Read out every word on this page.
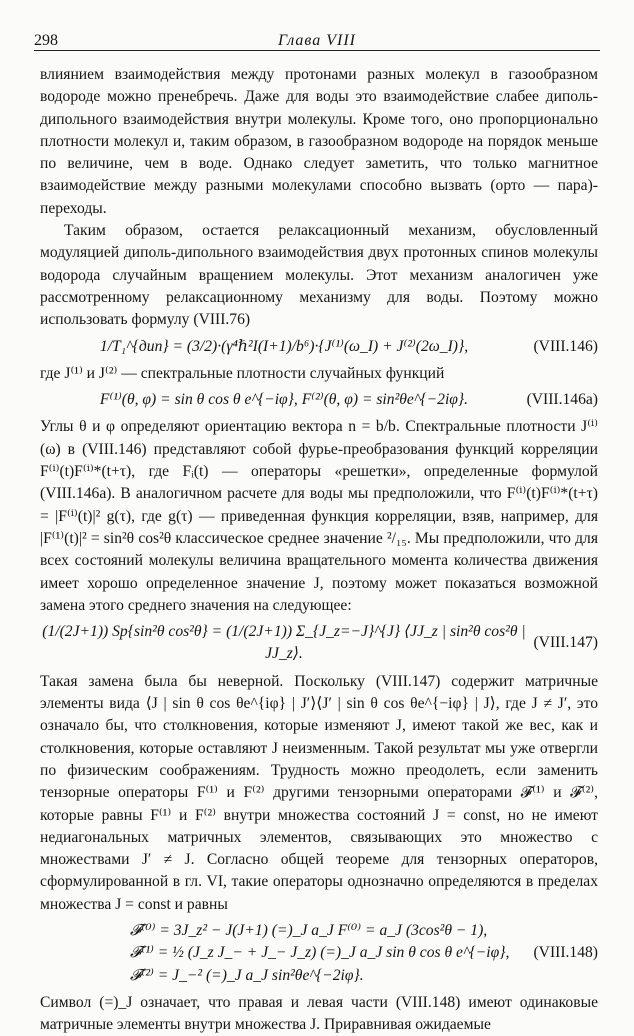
298	Глава VIII

влиянием взаимодействия между протонами разных молекул в газообразном водороде можно пренебречь. Даже для воды это взаимодействие слабее диполь-дипольного взаимодействия внутри молекулы. Кроме того, оно пропорционально плотности молекул и, таким образом, в газообразном водороде на порядок меньше по величине, чем в воде. Однако следует заметить, что только магнитное взаимодействие между разными молекулами способно вызвать (орто — пара)-переходы.

Таким образом, остается релаксационный механизм, обусловленный модуляцией диполь-дипольного взаимодействия двух протонных спинов молекулы водорода случайным вращением молекулы. Этот механизм аналогичен уже рассмотренному релаксационному механизму для воды. Поэтому можно использовать формулу (VIII.76)

1/T₁^{дип} = (3/2)·(γ⁴ℏ²I(I+1)/b⁶)·{J⁽¹⁾(ω_I) + J⁽²⁾(2ω_I)},	(VIII.146)

где J⁽¹⁾ и J⁽²⁾ — спектральные плотности случайных функций

F⁽¹⁾(θ, φ) = sin θ cos θ e^{−iφ}, F⁽²⁾(θ, φ) = sin²θe^{−2iφ}.	(VIII.146a)

Углы θ и φ определяют ориентацию вектора n = b/b. Спектральные плотности J⁽ⁱ⁾(ω) в (VIII.146) представляют собой фурье-преобразования функций корреляции F⁽ⁱ⁾(t)F⁽ⁱ⁾*(t+τ), где Fᵢ(t) — операторы «решетки», определенные формулой (VIII.146a). В аналогичном расчете для воды мы предположили, что F⁽ⁱ⁾(t)F⁽ⁱ⁾*(t+τ) = |F⁽ⁱ⁾(t)|² g(τ), где g(τ) — приведенная функция корреляции, взяв, например, для |F⁽¹⁾(t)|² = sin²θ cos²θ классическое среднее значение ²/₁₅. Мы предположили, что для всех состояний молекулы величина вращательного момента количества движения имеет хорошо определенное значение J, поэтому может показаться возможной замена этого среднего значения на следующее:

(1/(2J+1)) Sp{sin²θ cos²θ} = (1/(2J+1)) Σ_{J_z=−J}^{J} ⟨JJ_z | sin²θ cos²θ | JJ_z⟩.
(VIII.147)

Такая замена была бы неверной. Поскольку (VIII.147) содержит матричные элементы вида ⟨J | sin θ cos θe^{iφ} | J′⟩⟨J′ | sin θ cos θe^{−iφ} | J⟩, где J ≠ J′, это означало бы, что столкновения, которые изменяют J, имеют такой же вес, как и столкновения, которые оставляют J неизменным. Такой результат мы уже отвергли по физическим соображениям. Трудность можно преодолеть, если заменить тензорные операторы F⁽¹⁾ и F⁽²⁾ другими тензорными операторами 𝓕⁽¹⁾ и 𝓕⁽²⁾, которые равны F⁽¹⁾ и F⁽²⁾ внутри множества состояний J = const, но не имеют недиагональных матричных элементов, связывающих это множество с множествами J′ ≠ J. Согласно общей теореме для тензорных операторов, сформулированной в гл. VI, такие операторы однозначно определяются в пределах множества J = const и равны

𝓕⁽⁰⁾ = 3J_z² − J(J+1) (=)_J a_J F⁽⁰⁾ = a_J (3cos²θ − 1),
𝓕⁽¹⁾ = ½ (J_z J_− + J_− J_z) (=)_J a_J sin θ cos θ e^{−iφ},
𝓕⁽²⁾ = J_−² (=)_J a_J sin²θe^{−2iφ}.
(VIII.148)

Символ (=)_J означает, что правая и левая части (VIII.148) имеют одинаковые матричные элементы внутри множества J. Приравнивая ожидаемые
